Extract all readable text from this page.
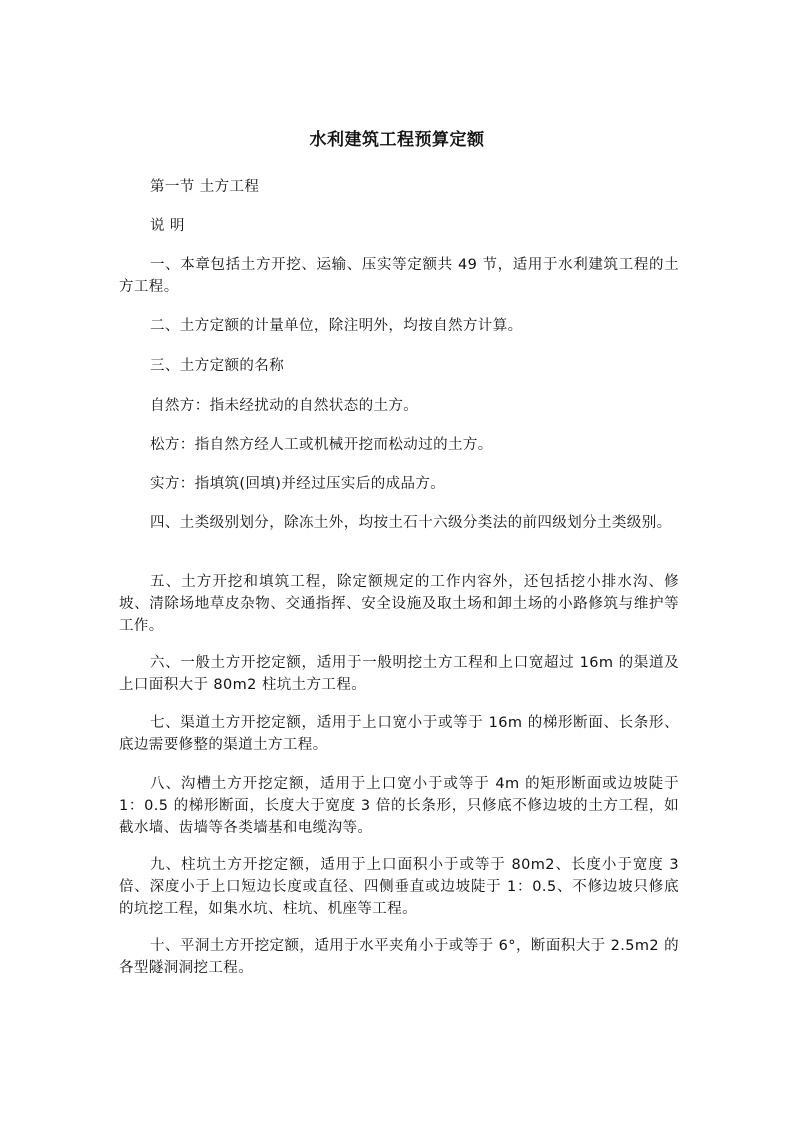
水利建筑工程预算定额

第一节 土方工程

说 明

一、本章包括土方开挖、运输、压实等定额共 49 节，适用于水利建筑工程的土方工程。

二、土方定额的计量单位，除注明外，均按自然方计算。

三、土方定额的名称

自然方：指未经扰动的自然状态的土方。

松方：指自然方经人工或机械开挖而松动过的土方。

实方：指填筑(回填)并经过压实后的成品方。

四、土类级别划分，除冻土外，均按土石十六级分类法的前四级划分土类级别。

五、土方开挖和填筑工程，除定额规定的工作内容外，还包括挖小排水沟、修坡、清除场地草皮杂物、交通指挥、安全设施及取土场和卸土场的小路修筑与维护等工作。

六、一般土方开挖定额，适用于一般明挖土方工程和上口宽超过 16m 的渠道及上口面积大于 80m2 柱坑土方工程。

七、渠道土方开挖定额，适用于上口宽小于或等于 16m 的梯形断面、长条形、底边需要修整的渠道土方工程。

八、沟槽土方开挖定额，适用于上口宽小于或等于 4m 的矩形断面或边坡陡于 1：0.5 的梯形断面，长度大于宽度 3 倍的长条形，只修底不修边坡的土方工程，如截水墙、齿墙等各类墙基和电缆沟等。

九、柱坑土方开挖定额，适用于上口面积小于或等于 80m2、长度小于宽度 3 倍、深度小于上口短边长度或直径、四侧垂直或边坡陡于 1：0.5、不修边坡只修底的坑挖工程，如集水坑、柱坑、机座等工程。

十、平洞土方开挖定额，适用于水平夹角小于或等于 6°，断面积大于 2.5m2 的各型隧洞洞挖工程。
